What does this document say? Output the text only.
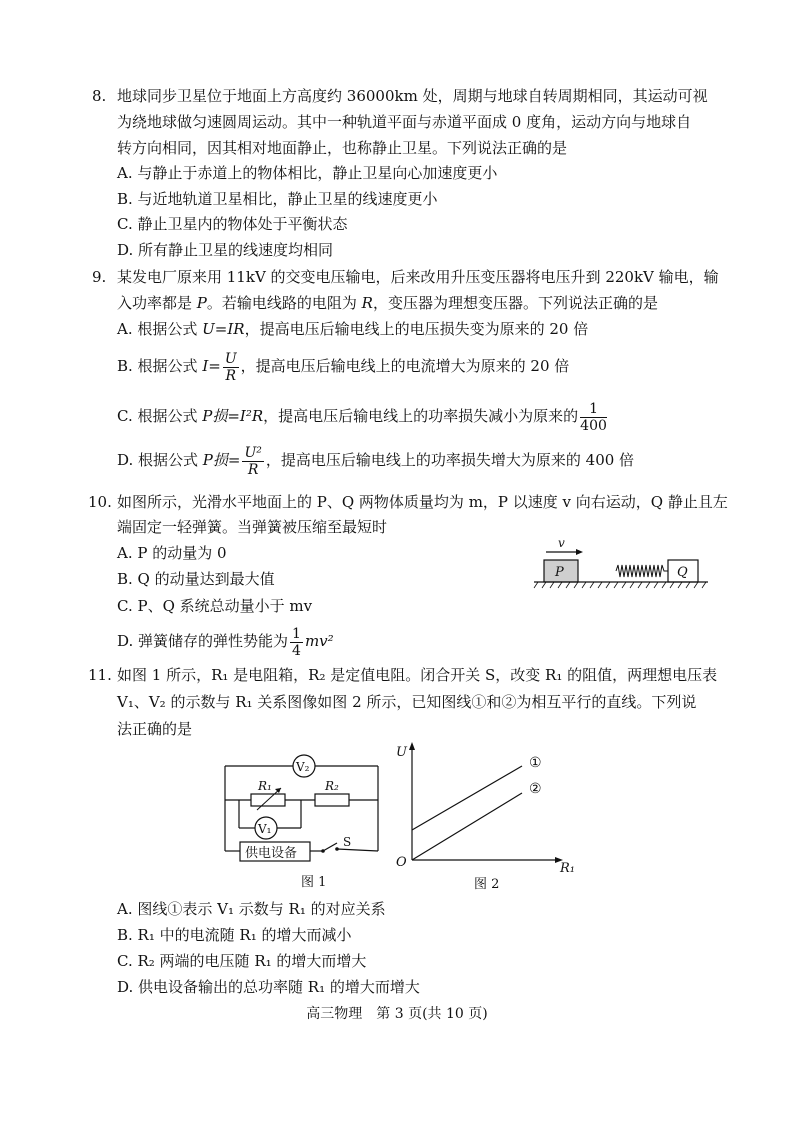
8. 地球同步卫星位于地面上方高度约 36000km 处，周期与地球自转周期相同，其运动可视
为绕地球做匀速圆周运动。其中一种轨道平面与赤道平面成 0 度角，运动方向与地球自
转方向相同，因其相对地面静止，也称静止卫星。下列说法正确的是
A. 与静止于赤道上的物体相比，静止卫星向心加速度更小
B. 与近地轨道卫星相比，静止卫星的线速度更小
C. 静止卫星内的物体处于平衡状态
D. 所有静止卫星的线速度均相同
9. 某发电厂原来用 11kV 的交变电压输电，后来改用升压变压器将电压升到 220kV 输电，输
入功率都是 P。若输电线路的电阻为 R，变压器为理想变压器。下列说法正确的是
A. 根据公式 U=IR，提高电压后输电线上的电压损失变为原来的 20 倍
B. 根据公式 $I= \frac{U}{R}$ ，提高电压后输电线上的电流增大为原来的 20 倍
C. 根据公式 P损=I²R，提高电压后输电线上的功率损失减小为原来的 $\frac{1}{400}$
D. 根据公式 P损= $\frac{\text{U²}}{R}$ ，提高电压后输电线上的功率损失增大为原来的 400 倍
10. 如图所示，光滑水平地面上的 P、Q 两物体质量均为 m，P 以速度 v 向右运动，Q 静止且左
端固定一轻弹簧。当弹簧被压缩至最短时
A. P 的动量为 0
B. Q 的动量达到最大值
C. P、Q 系统总动量小于 mv
D. 弹簧储存的弹性势能为 $\frac{1}{4} mv^2$
v
P	Q
11. 如图 1 所示，R₁ 是电阻箱，R₂ 是定值电阻。闭合开关 S，改变 R₁ 的阻值，两理想电压表
V₁、V₂ 的示数与 R₁ 关系图像如图 2 所示，已知图线①和②为相互平行的直线。下列说
法正确的是
V₂
R₁	R₂
V₁
供电设备
S
图 1
U
O	R₁
①
②
图 2
A. 图线①表示 V₁ 示数与 R₁ 的对应关系
B. R₁ 中的电流随 R₁ 的增大而减小
C. R₂ 两端的电压随 R₁ 的增大而增大
D. 供电设备输出的总功率随 R₁ 的增大而增大
高三物理　第 3 页(共 10 页)
